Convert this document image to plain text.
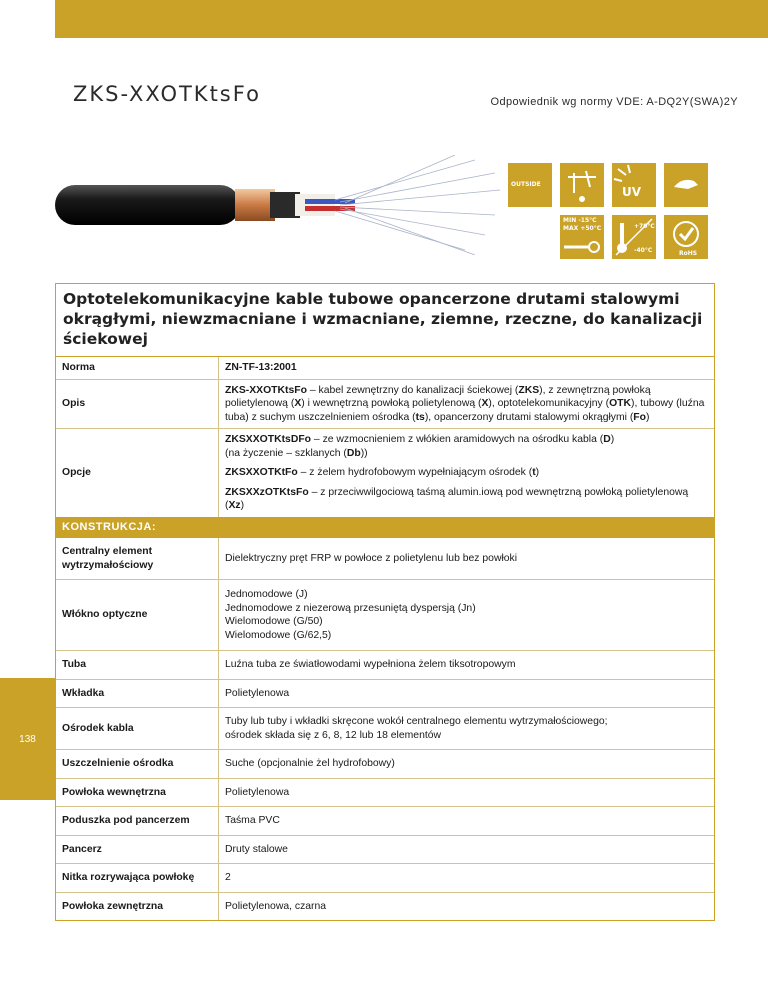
138
ZKS-XXOTKtsFo	Odpowiednik wg normy VDE: A-DQ2Y(SWA)2Y
OUTSIDE
UV
MIN -15°C
MAX +50°C	+70°C
-40°C	RoHS
Optotelekomunikacyjne kable tubowe opancerzone drutami stalowymi okrągłymi, niewzmacniane i wzmacniane, ziemne, rzeczne, do kanalizacji ściekowej
Norma	ZN-TF-13:2001
Opis	ZKS-XXOTKtsFo – kabel zewnętrzny do kanalizacji ściekowej (ZKS), z zewnętrzną powłoką polietylenową (X) i wewnętrzną powłoką polietylenową (X), optotelekomunikacyjny (OTK), tubowy (luźna tuba) z suchym uszczelnieniem ośrodka (ts), opancerzony drutami stalowymi okrągłymi (Fo)
Opcje	ZKSXXOTKtsDFo – ze wzmocnieniem z włókien aramidowych na ośrodku kabla (D)
(na życzenie – szklanych (Db))

ZKSXXOTKtFo – z żelem hydrofobowym wypełniającym ośrodek (t)

ZKSXXzOTKtsFo – z przeciwwilgociową taśmą alumin.iową pod wewnętrzną powłoką polietylenową (Xz)

KONSTRUKCJA:	
Centralny element wytrzymałościowy	Dielektryczny pręt FRP w powłoce z polietylenu lub bez powłoki

Włókno optyczne	Jednomodowe (J)
Jednomodowe z niezerową przesuniętą dyspersją (Jn)
Wielomodowe (G/50)
Wielomodowe (G/62,5)

Tuba	Luźna tuba ze światłowodami wypełniona żelem tiksotropowym

Wkładka	Polietylenowa

Ośrodek kabla	Tuby lub tuby i wkładki skręcone wokół centralnego elementu wytrzymałościowego;
ośrodek składa się z 6, 8, 12 lub 18 elementów

Uszczelnienie ośrodka	Suche (opcjonalnie żel hydrofobowy)

Powłoka wewnętrzna	Polietylenowa

Poduszka pod pancerzem	Taśma PVC

Pancerz	Druty stalowe

Nitka rozrywająca powłokę	2

Powłoka zewnętrzna	Polietylenowa, czarna
